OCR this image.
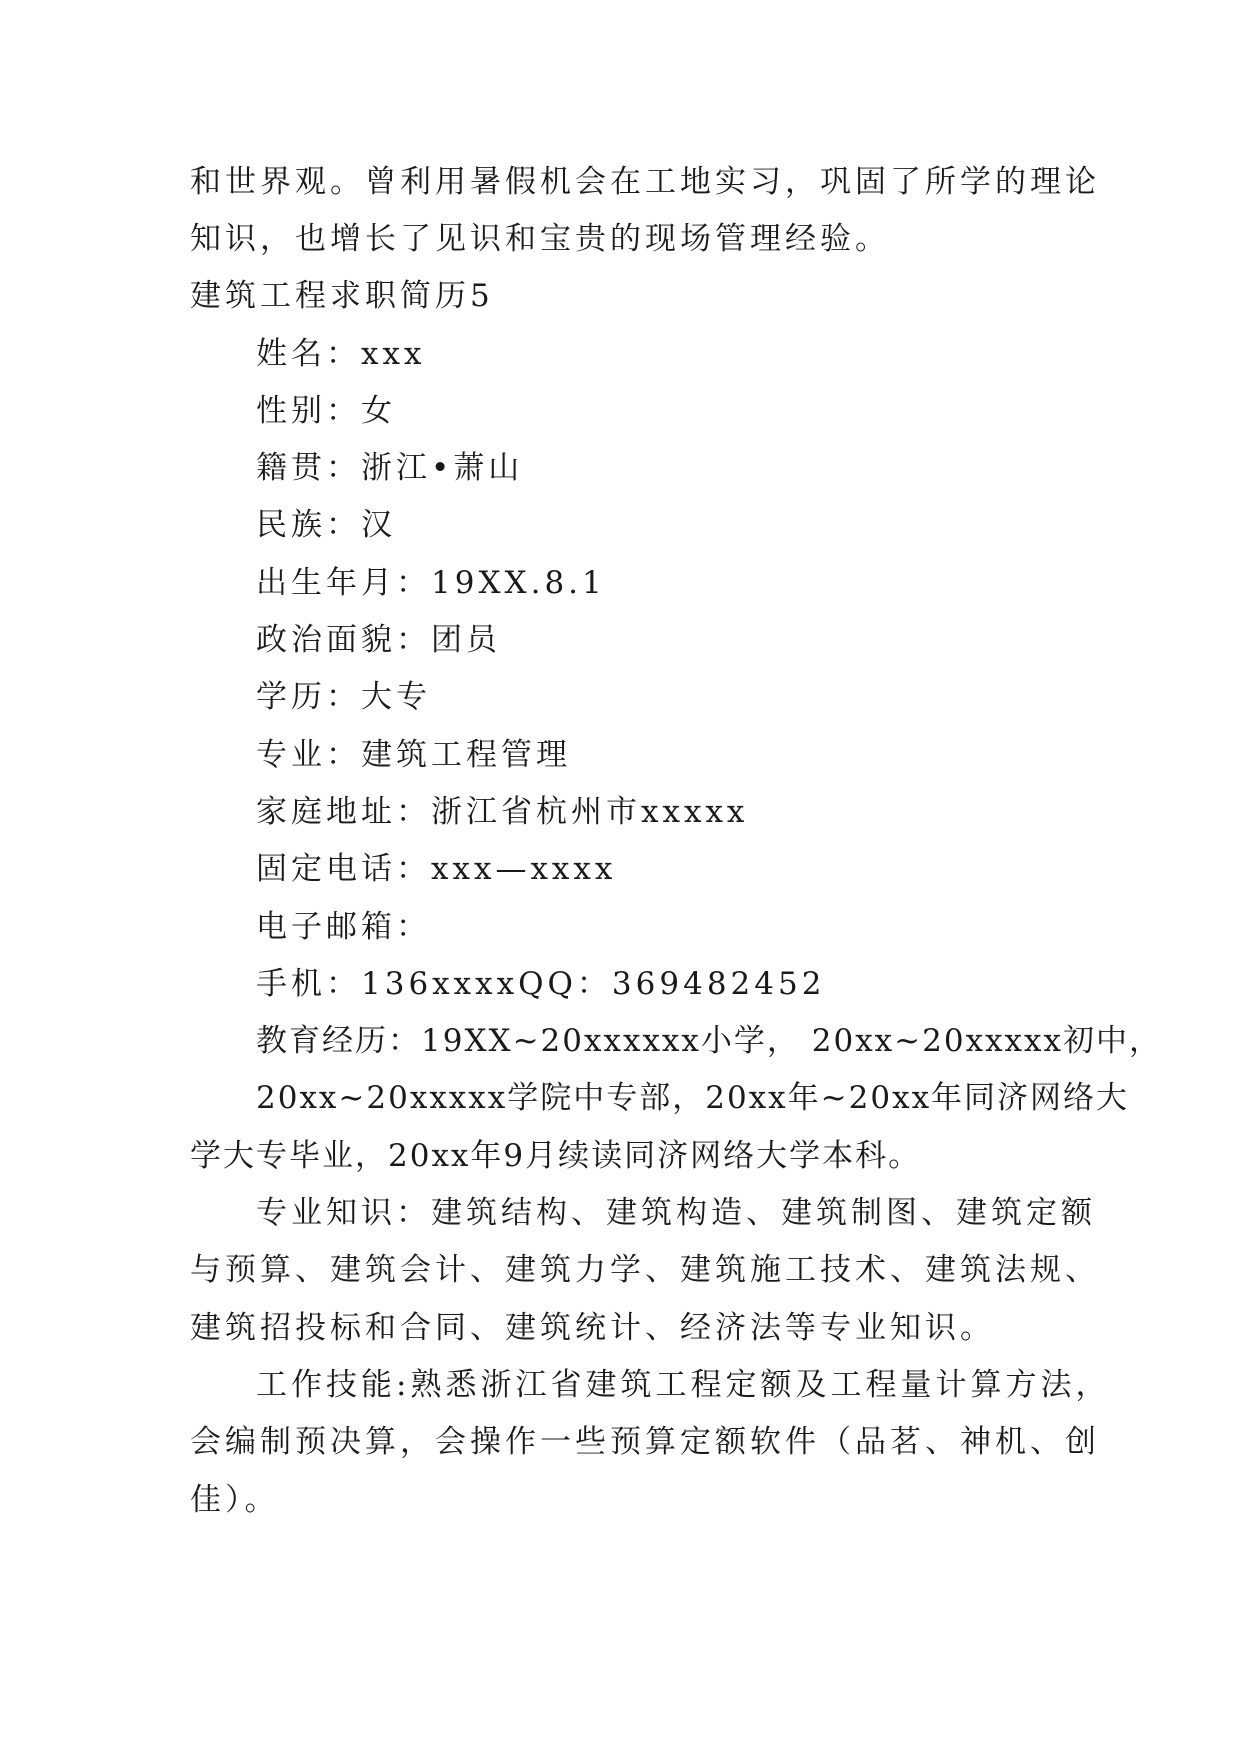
和世界观。曾利用暑假机会在工地实习，巩固了所学的理论
知识，也增长了见识和宝贵的现场管理经验。
建筑工程求职简历5
姓名：xxx
性别：女
籍贯：浙江•萧山
民族：汉
出生年月：19XX.8.1
政治面貌：团员
学历：大专
专业：建筑工程管理
家庭地址：浙江省杭州市xxxxx
固定电话：xxx—xxxx
电子邮箱：
手机：136xxxxQQ：369482452
教育经历：19XX~20xxxxxx小学， 20xx~20xxxxx初中，
20xx~20xxxxx学院中专部，20xx年~20xx年同济网络大
学大专毕业，20xx年9月续读同济网络大学本科。
专业知识：建筑结构、建筑构造、建筑制图、建筑定额
与预算、建筑会计、建筑力学、建筑施工技术、建筑法规、
建筑招投标和合同、建筑统计、经济法等专业知识。
工作技能:熟悉浙江省建筑工程定额及工程量计算方法，
会编制预决算，会操作一些预算定额软件（品茗、神机、创
佳）。
